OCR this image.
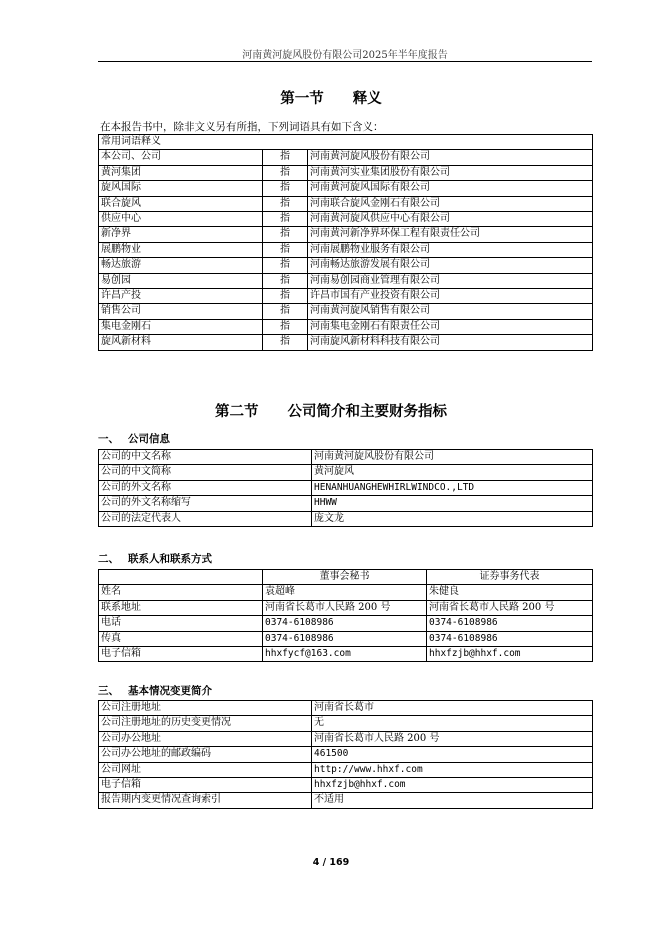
河南黄河旋风股份有限公司2025年半年度报告
第一节　　释义
在本报告书中，除非文义另有所指，下列词语具有如下含义：
常用词语释义		
本公司、公司	指	河南黄河旋风股份有限公司
黄河集团	指	河南黄河实业集团股份有限公司
旋风国际	指	河南黄河旋风国际有限公司
联合旋风	指	河南联合旋风金刚石有限公司
供应中心	指	河南黄河旋风供应中心有限公司
新净界	指	河南黄河新净界环保工程有限责任公司
展鹏物业	指	河南展鹏物业服务有限公司
畅达旅游	指	河南畅达旅游发展有限公司
易创园	指	河南易创园商业管理有限公司
许昌产投	指	许昌市国有产业投资有限公司
销售公司	指	河南黄河旋风销售有限公司
集电金刚石	指	河南集电金刚石有限责任公司
旋风新材料	指	河南旋风新材料科技有限公司
第二节　　公司简介和主要财务指标
一、 公司信息
公司的中文名称	河南黄河旋风股份有限公司
公司的中文简称	黄河旋风
公司的外文名称	HENANHUANGHEWHIRLWINDCO.,LTD
公司的外文名称缩写	HHWW
公司的法定代表人	庞文龙
二、 联系人和联系方式
	董事会秘书	证券事务代表
姓名	袁超峰	朱健良
联系地址	河南省长葛市人民路 200 号	河南省长葛市人民路 200 号
电话	0374-6108986	0374-6108986
传真	0374-6108986	0374-6108986
电子信箱	hhxfycf@163.com	hhxfzjb@hhxf.com
三、 基本情况变更简介
公司注册地址	河南省长葛市
公司注册地址的历史变更情况	无
公司办公地址	河南省长葛市人民路 200 号
公司办公地址的邮政编码	461500
公司网址	http://www.hhxf.com
电子信箱	hhxfzjb@hhxf.com
报告期内变更情况查询索引	不适用
4 / 169
